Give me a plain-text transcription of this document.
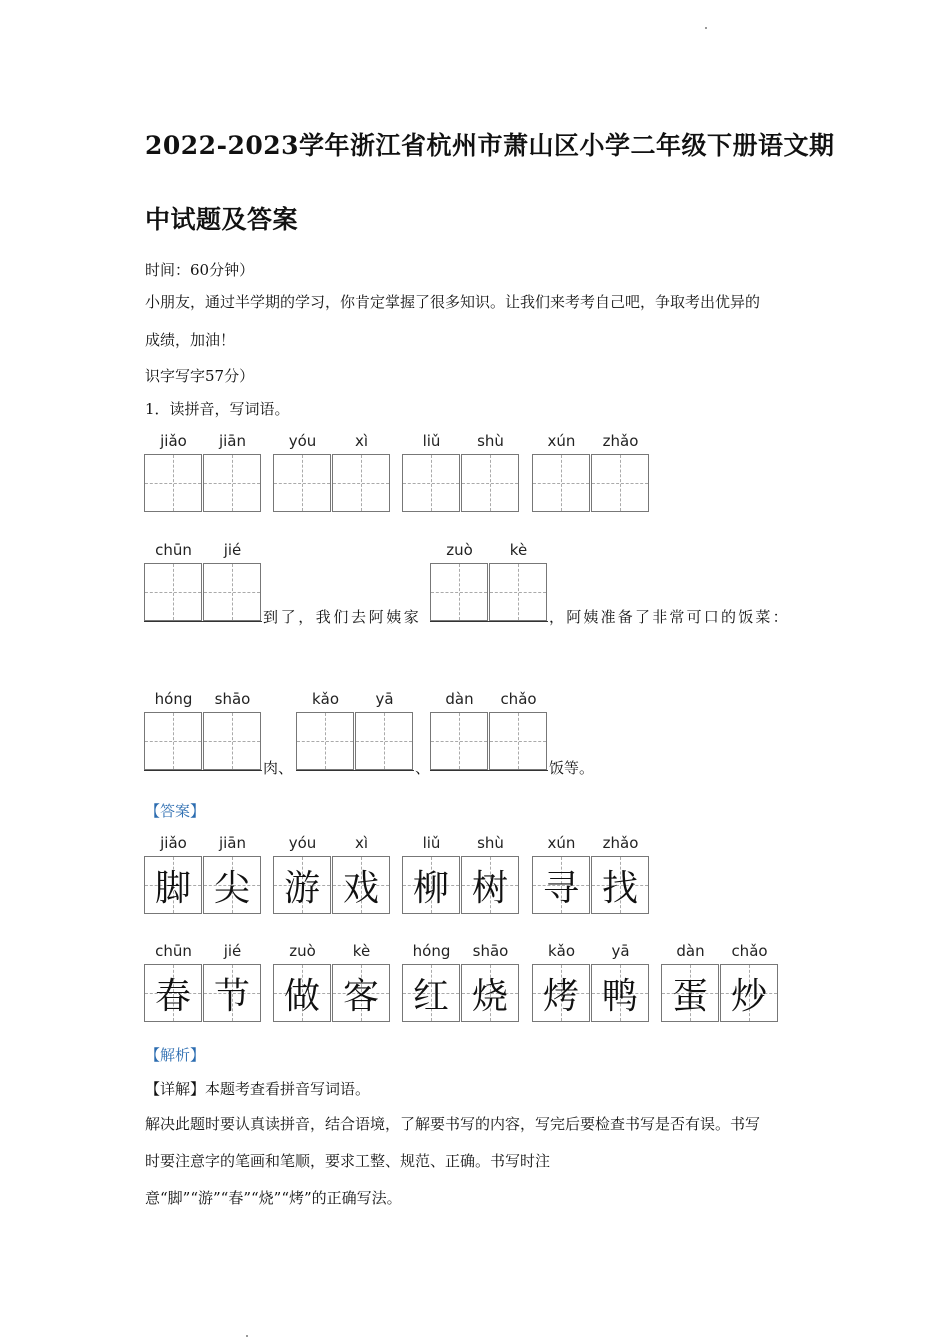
2022-2023学年浙江省杭州市萧山区小学二年级下册语文期
中试题及答案
时间：60分钟）
小朋友，通过半学期的学习，你肯定掌握了很多知识。让我们来考考自己吧，争取考出优异的
成绩，加油！
识字写字57分）
1．读拼音，写词语。
jiǎo	jiān	yóu	xì	liǔ	shù	xún	zhǎo
chūn	jié	zuò	kè
到了，我们去阿姨家	，阿姨准备了非常可口的饭菜：
hóng	shāo	kǎo	yā	dàn	chǎo
肉、	、	饭等。
【答案】
jiǎo	jiān	yóu	xì	liǔ	shù	xún	zhǎo
脚 尖 游 戏 柳 树 寻 找
chūn	jié	zuò	kè	hóng	shāo	kǎo	yā	dàn	chǎo
春 节 做 客 红 烧 烤 鸭 蛋 炒
【解析】
【详解】本题考查看拼音写词语。
解决此题时要认真读拼音，结合语境，了解要书写的内容，写完后要检查书写是否有误。书写
时要注意字的笔画和笔顺，要求工整、规范、正确。书写时注
意“脚”“游”“春”“烧”“烤”的正确写法。
